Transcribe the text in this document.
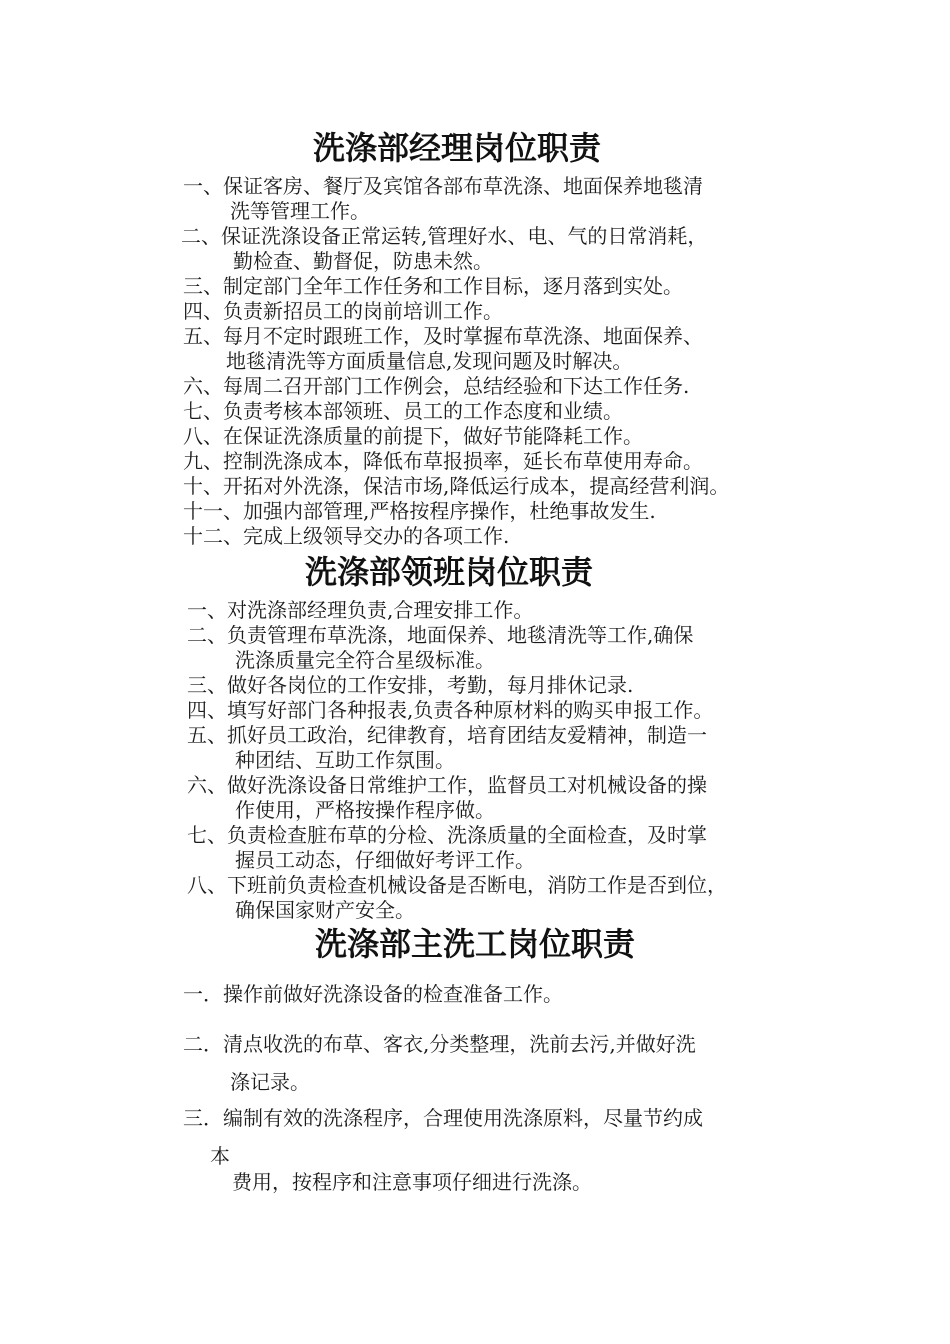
洗涤部经理岗位职责
一、保证客房、餐厅及宾馆各部布草洗涤、地面保养地毯清
洗等管理工作。
二、保证洗涤设备正常运转,管理好水、电、气的日常消耗，
勤检查、勤督促，防患未然。
三、制定部门全年工作任务和工作目标，逐月落到实处。
四、负责新招员工的岗前培训工作。
五、每月不定时跟班工作，及时掌握布草洗涤、地面保养、
地毯清洗等方面质量信息,发现问题及时解决。
六、每周二召开部门工作例会，总结经验和下达工作任务.
七、负责考核本部领班、员工的工作态度和业绩。
八、在保证洗涤质量的前提下，做好节能降耗工作。
九、控制洗涤成本，降低布草报损率，延长布草使用寿命。
十、开拓对外洗涤，保洁市场,降低运行成本，提高经营利润。
十一、加强内部管理,严格按程序操作，杜绝事故发生.
十二、完成上级领导交办的各项工作.
洗涤部领班岗位职责
一、对洗涤部经理负责,合理安排工作。
二、负责管理布草洗涤，地面保养、地毯清洗等工作,确保
洗涤质量完全符合星级标准。
三、做好各岗位的工作安排，考勤，每月排休记录.
四、填写好部门各种报表,负责各种原材料的购买申报工作。
五、抓好员工政治，纪律教育，培育团结友爱精神，制造一
种团结、互助工作氛围。
六、做好洗涤设备日常维护工作，监督员工对机械设备的操
作使用，严格按操作程序做。
七、负责检查脏布草的分检、洗涤质量的全面检查，及时掌
握员工动态，仔细做好考评工作。
八、下班前负责检查机械设备是否断电，消防工作是否到位，
确保国家财产安全。
洗涤部主洗工岗位职责
一．操作前做好洗涤设备的检查准备工作。
二．清点收洗的布草、客衣,分类整理，洗前去污,并做好洗
涤记录。
三．编制有效的洗涤程序，合理使用洗涤原料，尽量节约成
本
费用，按程序和注意事项仔细进行洗涤。
